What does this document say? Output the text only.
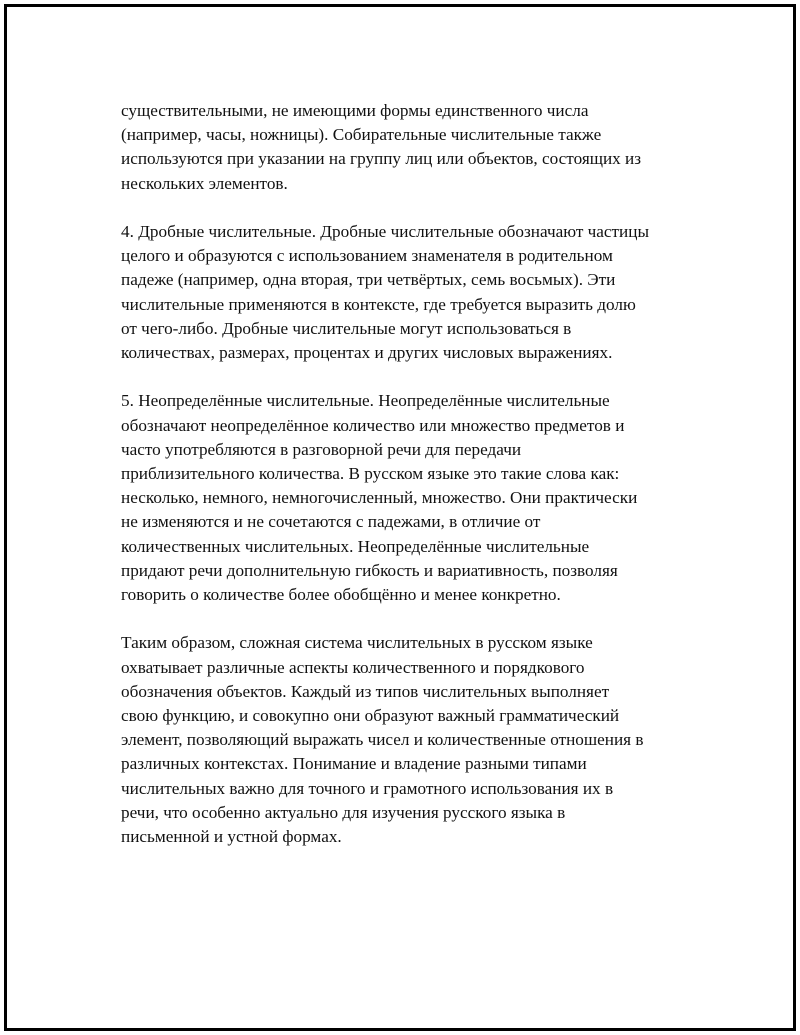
существительными, не имеющими формы единственного числа
(например, часы, ножницы). Собирательные числительные также
используются при указании на группу лиц или объектов, состоящих из
нескольких элементов.
4. Дробные числительные. Дробные числительные обозначают частицы
целого и образуются с использованием знаменателя в родительном
падеже (например, одна вторая, три четвёртых, семь восьмых). Эти
числительные применяются в контексте, где требуется выразить долю
от чего-либо. Дробные числительные могут использоваться в
количествах, размерах, процентах и других числовых выражениях.
5. Неопределённые числительные. Неопределённые числительные
обозначают неопределённое количество или множество предметов и
часто употребляются в разговорной речи для передачи
приблизительного количества. В русском языке это такие слова как:
несколько, немного, немногочисленный, множество. Они практически
не изменяются и не сочетаются с падежами, в отличие от
количественных числительных. Неопределённые числительные
придают речи дополнительную гибкость и вариативность, позволяя
говорить о количестве более обобщённо и менее конкретно.
Таким образом, сложная система числительных в русском языке
охватывает различные аспекты количественного и порядкового
обозначения объектов. Каждый из типов числительных выполняет
свою функцию, и совокупно они образуют важный грамматический
элемент, позволяющий выражать чисел и количественные отношения в
различных контекстах. Понимание и владение разными типами
числительных важно для точного и грамотного использования их в
речи, что особенно актуально для изучения русского языка в
письменной и устной формах.
